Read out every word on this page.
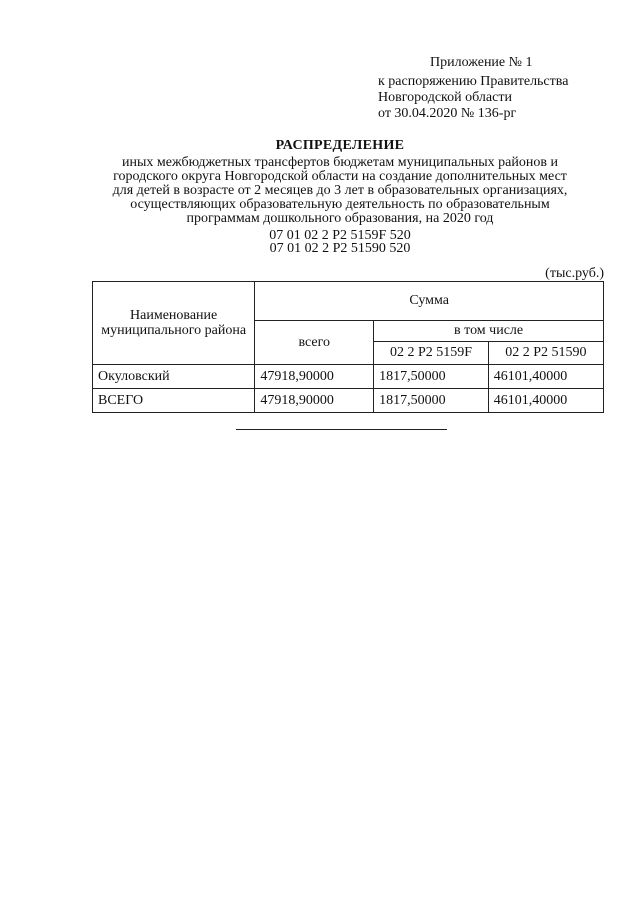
Приложение № 1
к распоряжению Правительства
Новгородской области
от 30.04.2020 № 136-рг
РАСПРЕДЕЛЕНИЕ
иных межбюджетных трансфертов бюджетам муниципальных районов и
городского округа Новгородской области на создание дополнительных мест
для детей в возрасте от 2 месяцев до 3 лет в образовательных организациях,
осуществляющих образовательную деятельность по образовательным
программам дошкольного образования, на 2020 год
07 01 02 2 P2 5159F 520
07 01 02 2 P2 51590 520
(тыс.руб.)
Наименование муниципального района	Сумма		
	всего	в том числе	
		02 2 P2 5159F	02 2 P2 51590
Окуловский	47918,90000	1817,50000	46101,40000
ВСЕГО	47918,90000	1817,50000	46101,40000
